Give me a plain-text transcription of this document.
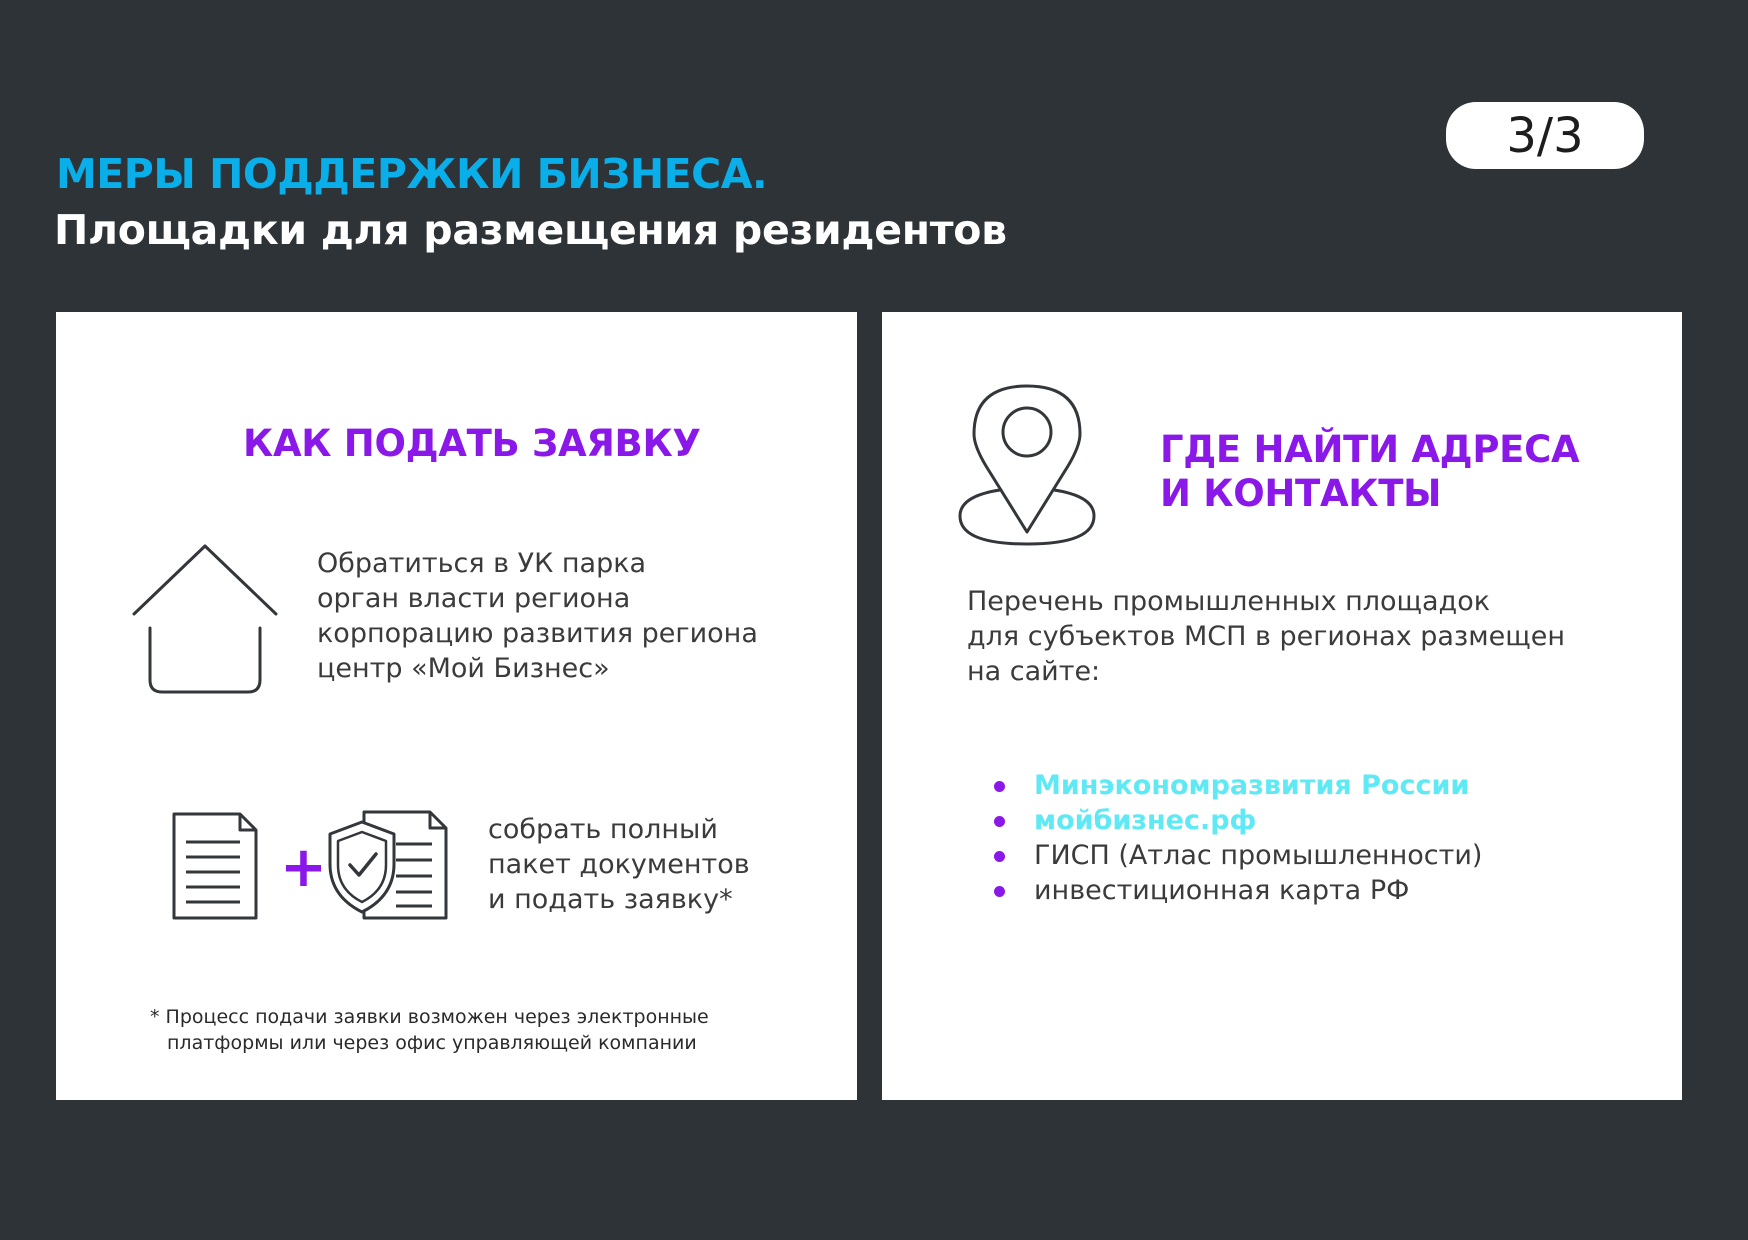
3/3
МЕРЫ ПОДДЕРЖКИ БИЗНЕСА.
Площадки для размещения резидентов
КАК ПОДАТЬ ЗАЯВКУ
Обратиться в УК парка
орган власти региона
корпорацию развития региона
центр «Мой Бизнес»
+
собрать полный
пакет документов
и подать заявку*
* Процесс подачи заявки возможен через электронные
платформы или через офис управляющей компании
ГДЕ НАЙТИ АДРЕСА
И КОНТАКТЫ
Перечень промышленных площадок
для субъектов МСП в регионах размещен
на сайте:
Минэкономразвития России
мойбизнес.рф
ГИСП (Атлас промышленности)
инвестиционная карта РФ
